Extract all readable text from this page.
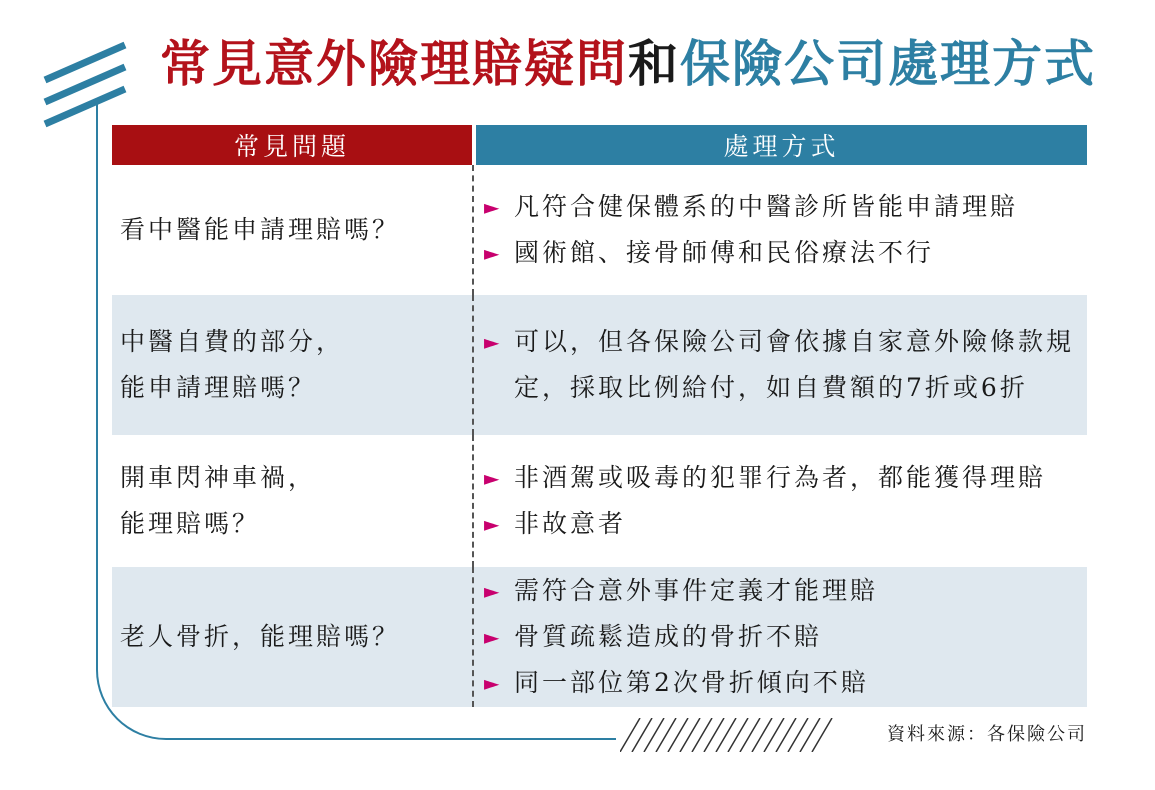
常見意外險理賠疑問和保險公司處理方式
常見問題	處理方式
看中醫能申請理賠嗎？
► 凡符合健保體系的中醫診所皆能申請理賠
► 國術館、接骨師傅和民俗療法不行
中醫自費的部分，
能申請理賠嗎？
► 可以，但各保險公司會依據自家意外險條款規定，採取比例給付，如自費額的7折或6折
開車閃神車禍，
能理賠嗎？
► 非酒駕或吸毒的犯罪行為者，都能獲得理賠
► 非故意者
老人骨折，能理賠嗎？
► 需符合意外事件定義才能理賠
► 骨質疏鬆造成的骨折不賠
► 同一部位第2次骨折傾向不賠
資料來源：各保險公司
